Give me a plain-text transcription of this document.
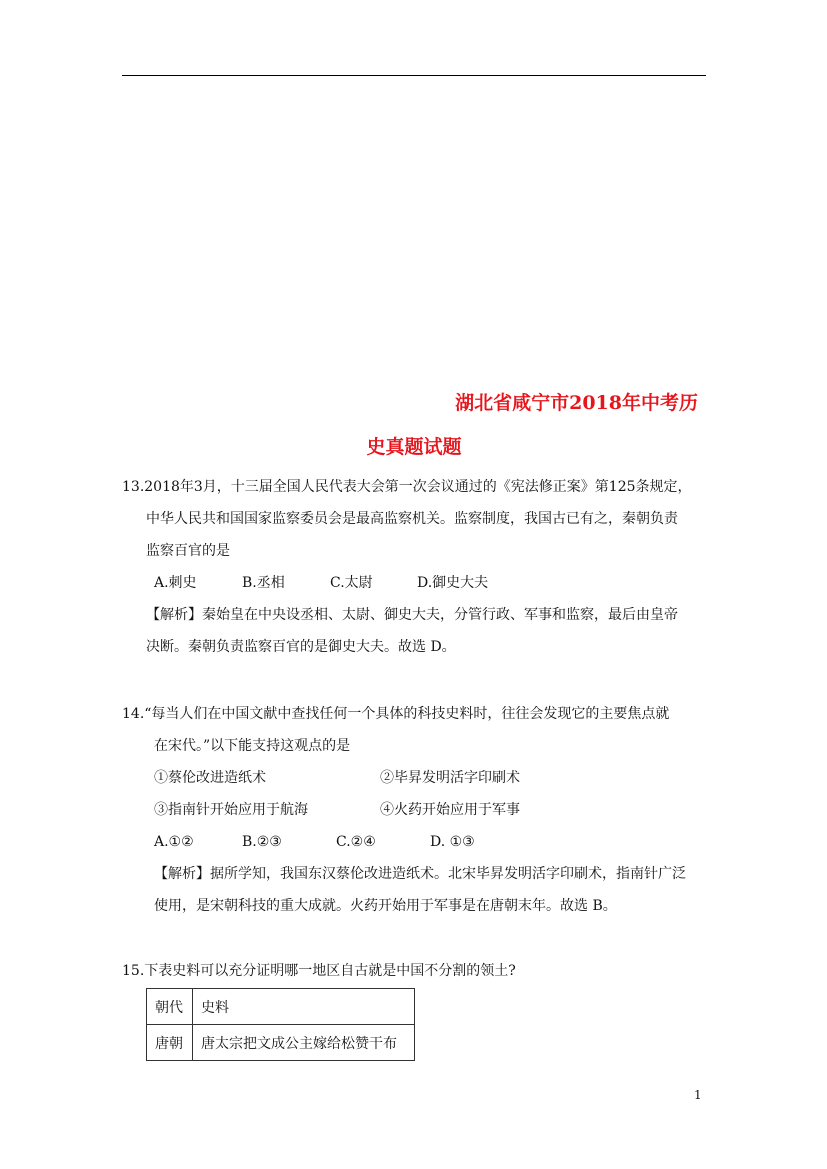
湖北省咸宁市2018年中考历
史真题试题
13.2018年3月，十三届全国人民代表大会第一次会议通过的《宪法修正案》第125条规定，
中华人民共和国国家监察委员会是最高监察机关。监察制度，我国古已有之，秦朝负责
监察百官的是
A.刺史	B.丞相	C.太尉	D.御史大夫
【解析】秦始皇在中央设丞相、太尉、御史大夫，分管行政、军事和监察，最后由皇帝
决断。秦朝负责监察百官的是御史大夫。故选 D。
14.“每当人们在中国文献中查找任何一个具体的科技史料时，往往会发现它的主要焦点就
在宋代。”以下能支持这观点的是
①蔡伦改进造纸术	②毕昇发明活字印刷术
③指南针开始应用于航海	④火药开始应用于军事
A.①②	B.②③	C.②④	D. ①③
【解析】据所学知，我国东汉蔡伦改进造纸术。北宋毕昇发明活字印刷术，指南针广泛
使用，是宋朝科技的重大成就。火药开始用于军事是在唐朝末年。故选 B。
15.下表史料可以充分证明哪一地区自古就是中国不分割的领土?
朝代	史料
唐朝	唐太宗把文成公主嫁给松赞干布
1
